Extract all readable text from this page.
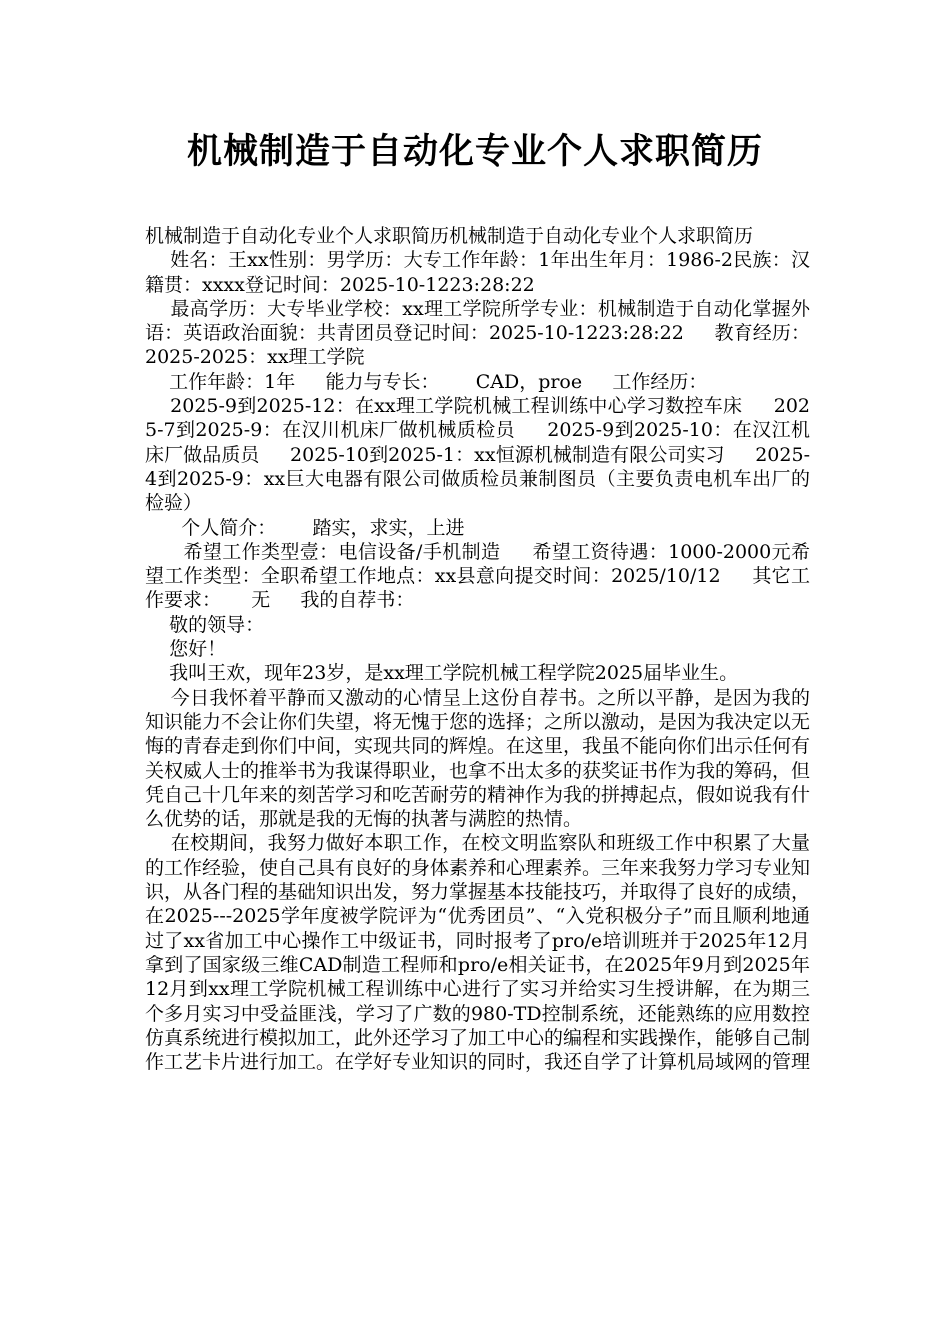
机械制造于自动化专业个人求职简历

机械制造于自动化专业个人求职简历机械制造于自动化专业个人求职简历

姓名：王xx性别：男学历：大专工作年龄：1年出生年月：1986-2民族：汉籍贯：xxxx登记时间：2025-10-1223:28:22

最高学历：大专毕业学校：xx理工学院所学专业：机械制造于自动化掌握外语：英语政治面貌：共青团员登记时间：2025-10-1223:28:22     教育经历：      2025-2025：xx理工学院

工作年龄：1年     能力与专长：      CAD，proe     工作经历：

2025-9到2025-12：在xx理工学院机械工程训练中心学习数控车床     2025-7到2025-9：在汉川机床厂做机械质检员     2025-9到2025-10：在汉江机床厂做品质员     2025-10到2025-1：xx恒源机械制造有限公司实习     2025-4到2025-9：xx巨大电器有限公司做质检员兼制图员（主要负责电机车出厂的检验）

个人简介：      踏实，求实，上进

希望工作类型壹：电信设备/手机制造     希望工资待遇：1000-2000元希望工作类型：全职希望工作地点：xx县意向提交时间：2025/10/12     其它工作要求：     无     我的自荐书：

敬的领导：

您好！

我叫王欢，现年23岁，是xx理工学院机械工程学院2025届毕业生。

今日我怀着平静而又激动的心情呈上这份自荐书。之所以平静，是因为我的知识能力不会让你们失望，将无愧于您的选择；之所以激动，是因为我决定以无悔的青春走到你们中间，实现共同的辉煌。在这里，我虽不能向你们出示任何有关权威人士的推举书为我谋得职业，也拿不出太多的获奖证书作为我的筹码，但凭自己十几年来的刻苦学习和吃苦耐劳的精神作为我的拼搏起点，假如说我有什么优势的话，那就是我的无悔的执著与满腔的热情。

在校期间，我努力做好本职工作，在校文明监察队和班级工作中积累了大量的工作经验，使自己具有良好的身体素养和心理素养。三年来我努力学习专业知识，从各门程的基础知识出发，努力掌握基本技能技巧，并取得了良好的成绩，在2025---2025学年度被学院评为“优秀团员”、“入党积极分子”而且顺利地通过了xx省加工中心操作工中级证书，同时报考了pro/e培训班并于2025年12月拿到了国家级三维CAD制造工程师和pro/e相关证书，在2025年9月到2025年12月到xx理工学院机械工程训练中心进行了实习并给实习生授讲解，在为期三个多月实习中受益匪浅，学习了广数的980-TD控制系统，还能熟练的应用数控仿真系统进行模拟加工，此外还学习了加工中心的编程和实践操作，能够自己制作工艺卡片进行加工。在学好专业知识的同时，我还自学了计算机局域网的管理
